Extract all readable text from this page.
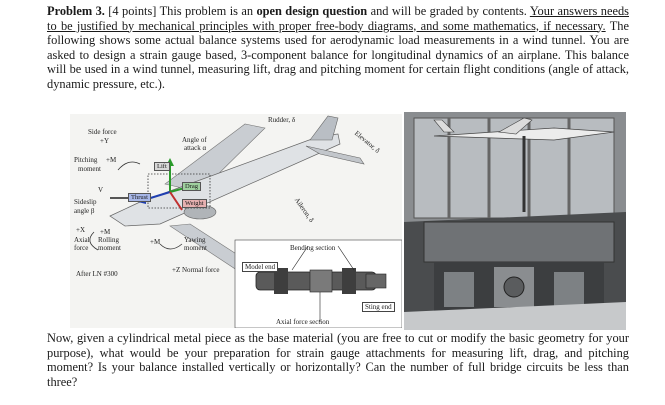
Problem 3. [4 points] This problem is an open design question and will be graded by contents. Your answers needs to be justified by mechanical principles with proper free-body diagrams, and some mathematics, if necessary. The following shows some actual balance systems used for aerodynamic load measurements in a wind tunnel. You are asked to design a strain gauge based, 3-component balance for longitudinal dynamics of an airplane. This balance will be used in a wind tunnel, measuring lift, drag and pitching moment for certain flight conditions (angle of attack, dynamic pressure, etc.).
Side force
+Y	Angle of
attack α
Pitching +M
moment	Lift
Drag
Thrust
Weight
V
Sideslip
angle β
+X
Axial
force
+M
Rolling
moment
+M	Yawing
moment
+Z Normal force
After LN #300
Rudder, δ
Elevator, δ
Aileron, δ
Bending section
Model end
Sting end
Axial force section
Now, given a cylindrical metal piece as the base material (you are free to cut or modify the basic geometry for your purpose), what would be your preparation for strain gauge attachments for measuring lift, drag, and pitching moment? Is your balance installed vertically or horizontally? Can the number of full bridge circuits be less than three?
